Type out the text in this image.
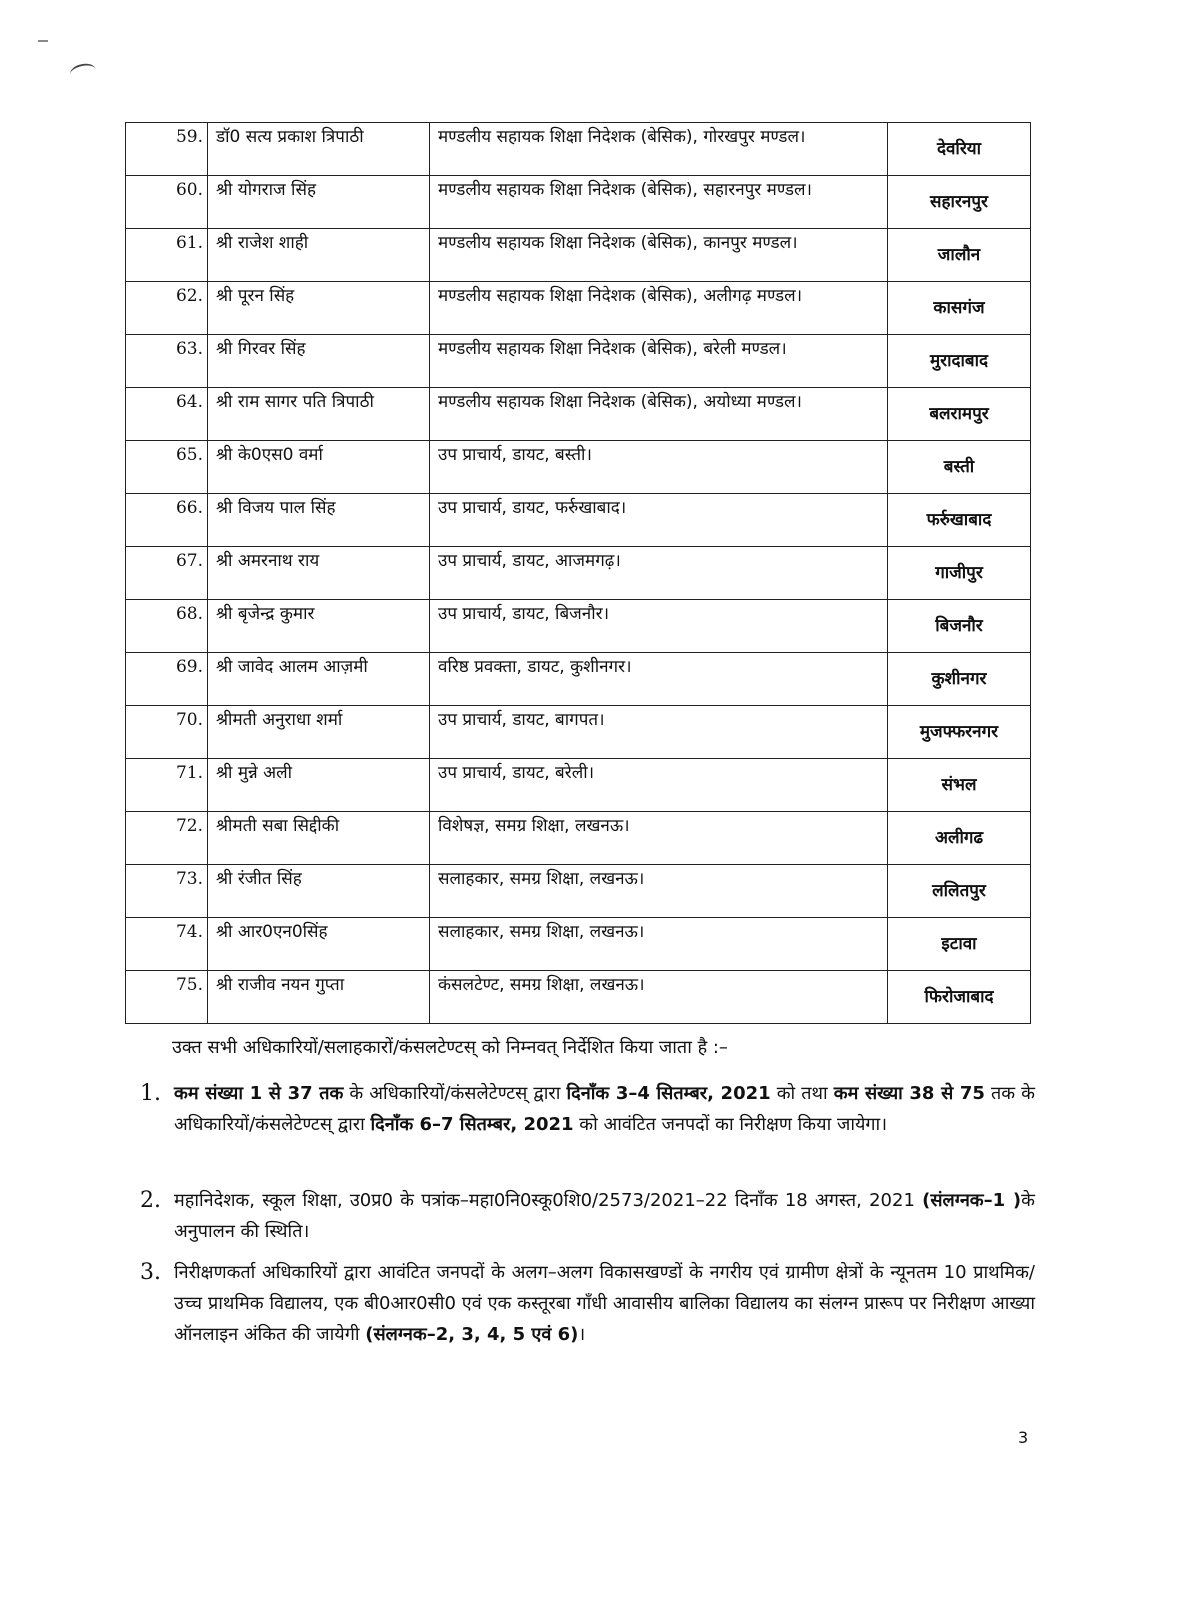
59.	डॉ0 सत्य प्रकाश त्रिपाठी	मण्डलीय सहायक शिक्षा निदेशक (बेसिक), गोरखपुर मण्डल।	देवरिया
60.	श्री योगराज सिंह	मण्डलीय सहायक शिक्षा निदेशक (बेसिक), सहारनपुर मण्डल।	सहारनपुर
61.	श्री राजेश शाही	मण्डलीय सहायक शिक्षा निदेशक (बेसिक), कानपुर मण्डल।	जालौन
62.	श्री पूरन सिंह	मण्डलीय सहायक शिक्षा निदेशक (बेसिक), अलीगढ़ मण्डल।	कासगंज
63.	श्री गिरवर सिंह	मण्डलीय सहायक शिक्षा निदेशक (बेसिक), बरेली मण्डल।	मुरादाबाद
64.	श्री राम सागर पति त्रिपाठी	मण्डलीय सहायक शिक्षा निदेशक (बेसिक), अयोध्या मण्डल।	बलरामपुर
65.	श्री के0एस0 वर्मा	उप प्राचार्य, डायट, बस्ती।	बस्ती
66.	श्री विजय पाल सिंह	उप प्राचार्य, डायट, फर्रुखाबाद।	फर्रुखाबाद
67.	श्री अमरनाथ राय	उप प्राचार्य, डायट, आजमगढ़।	गाजीपुर
68.	श्री बृजेन्द्र कुमार	उप प्राचार्य, डायट, बिजनौर।	बिजनौर
69.	श्री जावेद आलम आज़मी	वरिष्ठ प्रवक्ता, डायट, कुशीनगर।	कुशीनगर
70.	श्रीमती अनुराधा शर्मा	उप प्राचार्य, डायट, बागपत।	मुजफ्फरनगर
71.	श्री मुन्ने अली	उप प्राचार्य, डायट, बरेली।	संभल
72.	श्रीमती सबा सिद्दीकी	विशेषज्ञ, समग्र शिक्षा, लखनऊ।	अलीगढ
73.	श्री रंजीत सिंह	सलाहकार, समग्र शिक्षा, लखनऊ।	ललितपुर
74.	श्री आर0एन0सिंह	सलाहकार, समग्र शिक्षा, लखनऊ।	इटावा
75.	श्री राजीव नयन गुप्ता	कंसलटेण्ट, समग्र शिक्षा, लखनऊ।	फिरोजाबाद
उक्त सभी अधिकारियों/सलाहकारों/कंसलटेण्टस् को निम्नवत् निर्देशित किया जाता है :–
1. कम संख्या 1 से 37 तक के अधिकारियों/कंसलेटेण्टस् द्वारा दिनाँक 3–4 सितम्बर, 2021 को तथा कम संख्या 38 से 75 तक के अधिकारियों/कंसलेटेण्टस् द्वारा दिनाँक 6–7 सितम्बर, 2021 को आवंटित जनपदों का निरीक्षण किया जायेगा।
2. महानिदेशक, स्कूल शिक्षा, उ0प्र0 के पत्रांक–महा0नि0स्कू0शि0/2573/2021–22 दिनाँक 18 अगस्त, 2021 (संलग्नक–1 )के अनुपालन की स्थिति।
3. निरीक्षणकर्ता अधिकारियों द्वारा आवंटित जनपदों के अलग–अलग विकासखण्डों के नगरीय एवं ग्रामीण क्षेत्रों के न्यूनतम 10 प्राथमिक/उच्च प्राथमिक विद्यालय, एक बी0आर0सी0 एवं एक कस्तूरबा गाँधी आवासीय बालिका विद्यालय का संलग्न प्रारूप पर निरीक्षण आख्या ऑनलाइन अंकित की जायेगी (संलग्नक–2, 3, 4, 5 एवं 6)।
3
